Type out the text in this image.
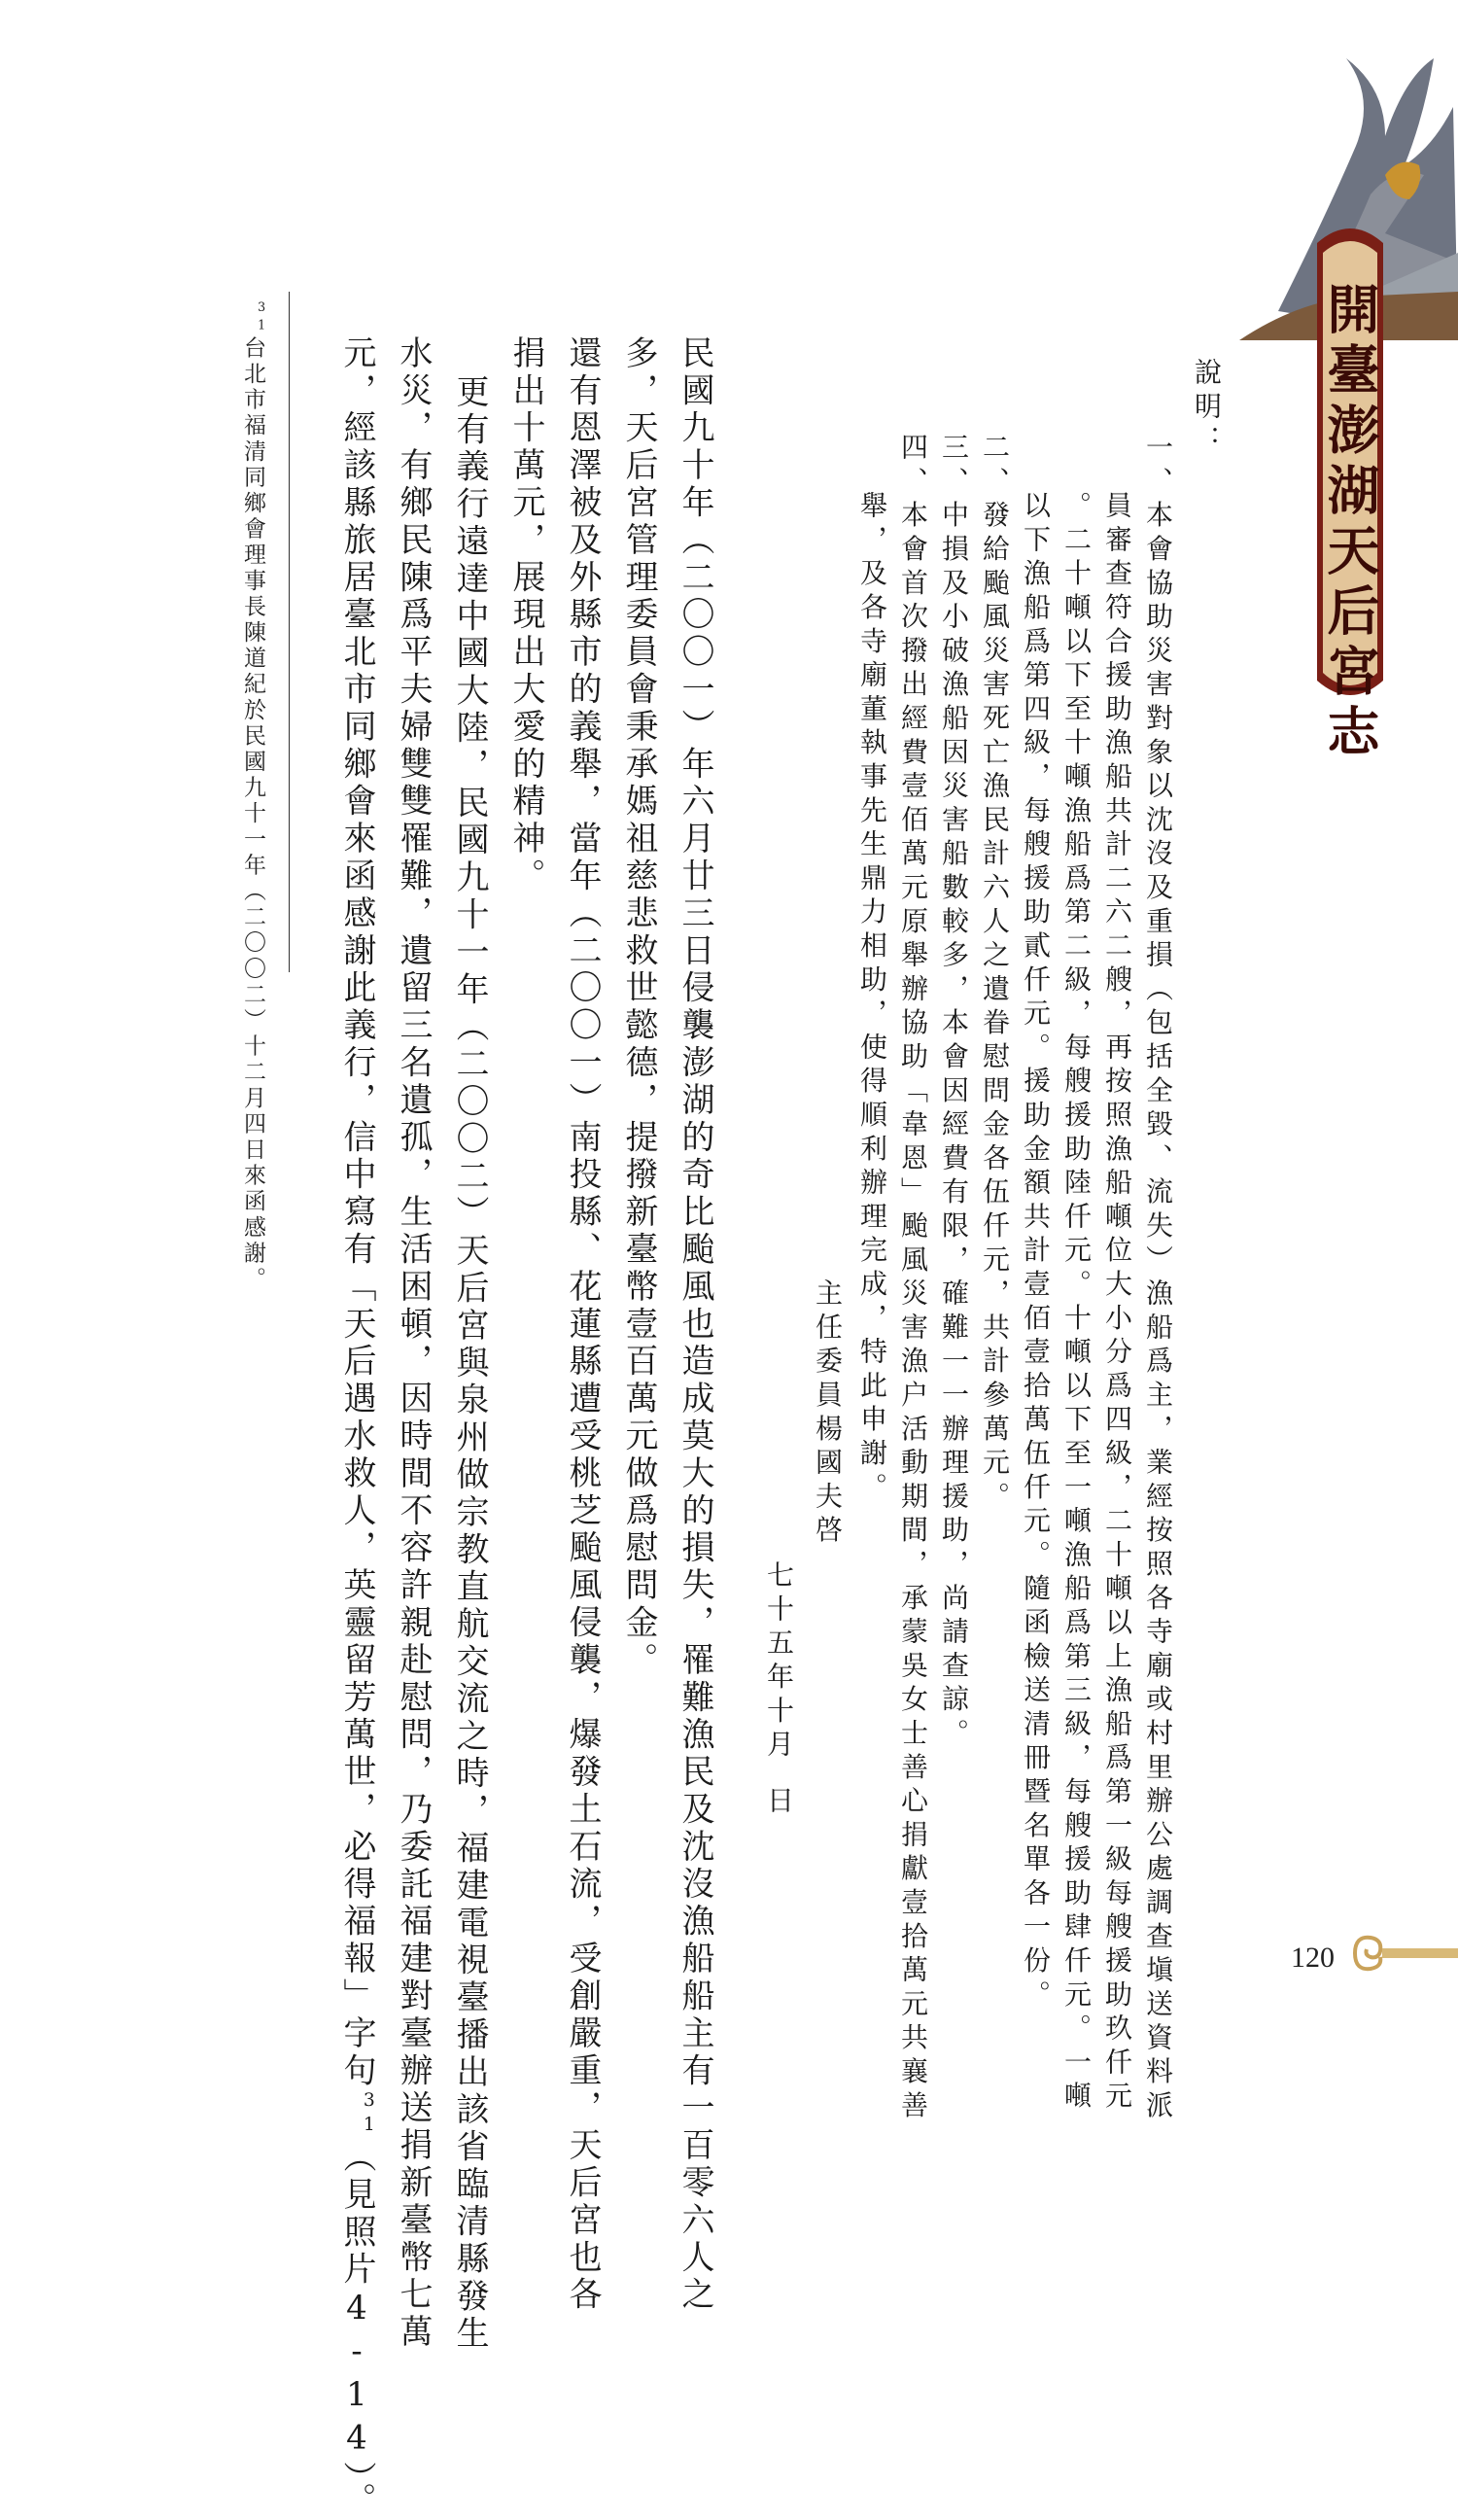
開臺澎湖天后宮志

說明：

一、本會協助災害對象以沈沒及重損（包括全毀、流失）漁船爲主，業經按照各寺廟或村里辦公處調查塡送資料派

員審查符合援助漁船共計二六二艘，再按照漁船噸位大小分爲四級，二十噸以上漁船爲第一級每艘援助玖仟元

。二十噸以下至十噸漁船爲第二級，每艘援助陸仟元。十噸以下至一噸漁船爲第三級，每艘援助肆仟元。一噸

以下漁船爲第四級，每艘援助貳仟元。援助金額共計壹佰壹拾萬伍仟元。隨函檢送清冊暨名單各一份。

二、發給颱風災害死亡漁民計六人之遺眷慰問金各伍仟元，共計參萬元。

三、中損及小破漁船因災害船數較多，本會因經費有限，確難一一辦理援助，尚請查諒。

四、本會首次撥出經費壹佰萬元原舉辦協助「韋恩」颱風災害漁户活動期間，承蒙吳女士善心捐獻壹拾萬元共襄善

舉，及各寺廟董執事先生鼎力相助，使得順利辦理完成，特此申謝。

主任委員楊國夫啓

七十五年十月

日

民國九十年（二〇〇一）年六月廿三日侵襲澎湖的奇比颱風也造成莫大的損失，罹難漁民及沈沒漁船船主有一百零六人之

多，天后宮管理委員會秉承媽祖慈悲救世懿德，提撥新臺幣壹百萬元做爲慰問金。

還有恩澤被及外縣市的義舉，當年（二〇〇一）南投縣、花蓮縣遭受桃芝颱風侵襲，爆發土石流，受創嚴重，天后宮也各

捐出十萬元，展現出大愛的精神。

更有義行遠達中國大陸，民國九十一年（二〇〇二）天后宮與泉州做宗教直航交流之時，福建電視臺播出該省臨清縣發生

水災，有鄉民陳爲平夫婦雙雙罹難，遺留三名遺孤，生活困頓，因時間不容許親赴慰問，乃委託福建對臺辦送捐新臺幣七萬

元，經該縣旅居臺北市同鄉會來函感謝此義行，信中寫有「天后遇水救人，英靈留芳萬世，必得福報」字句$^{31}$（見照片4-14）。

$^{31}$台北市福清同鄉會理事長陳道紀於民國九十一年（二〇〇二）十二月四日來函感謝。

120
